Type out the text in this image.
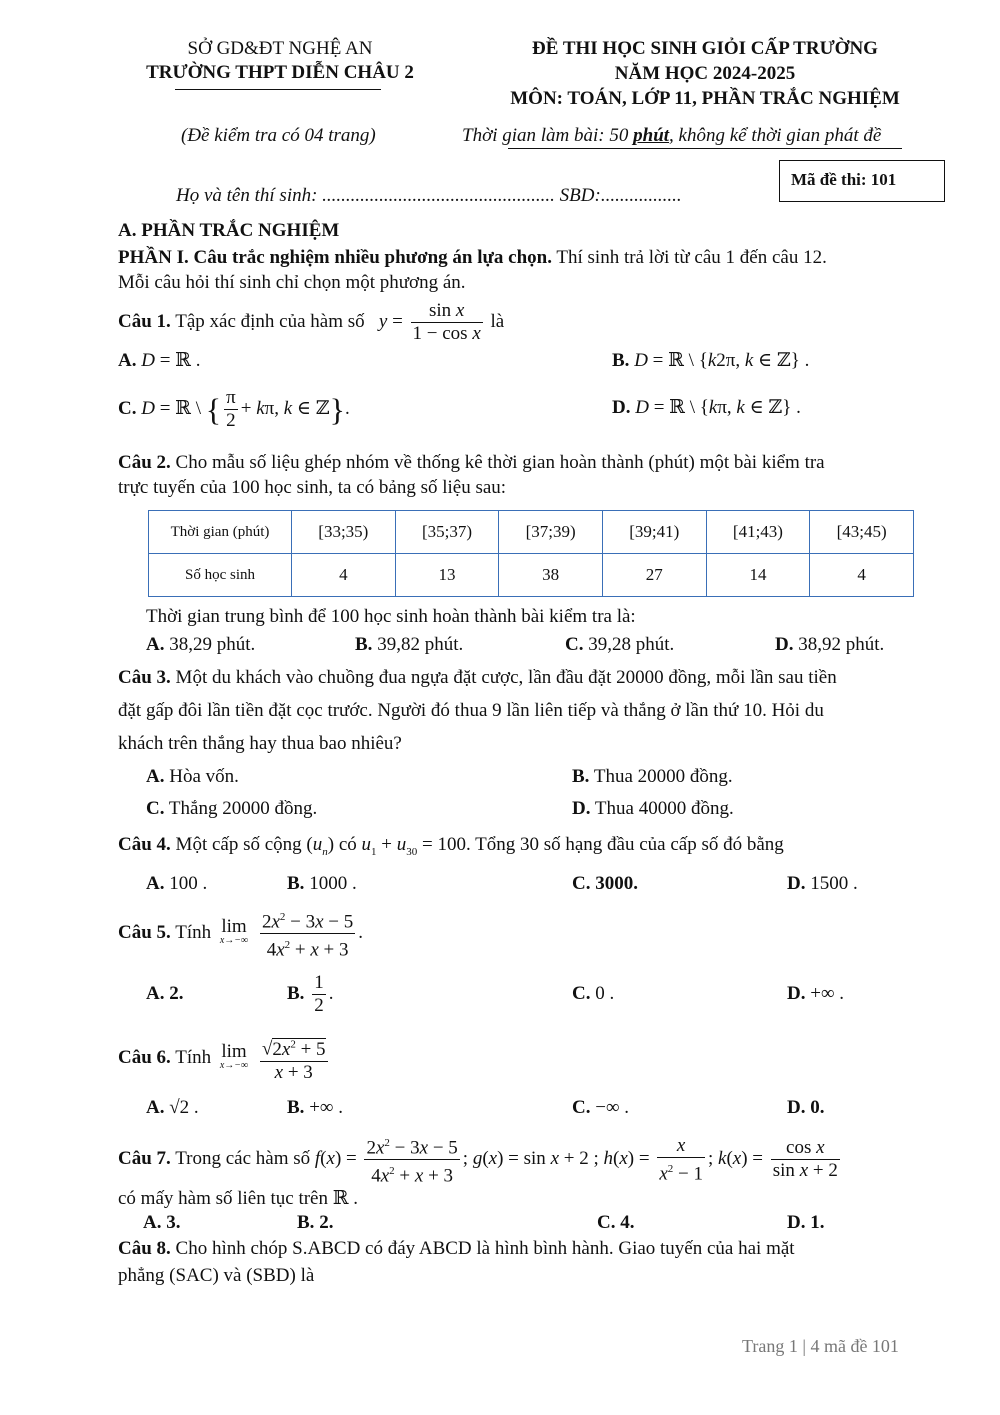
SỞ GD&ĐT NGHỆ AN
TRƯỜNG THPT DIỄN CHÂU 2
ĐỀ THI HỌC SINH GIỎI CẤP TRƯỜNG
NĂM HỌC 2024-2025
MÔN: TOÁN, LỚP 11, PHẦN TRẮC NGHIỆM
(Đề kiểm tra có 04 trang)	Thời gian làm bài: 50 phút, không kể thời gian phát đề
Họ và tên thí sinh: ................................................. SBD:.................
Mã đề thi: 101
A. PHẦN TRẮC NGHIỆM
PHẦN I. Câu trắc nghiệm nhiều phương án lựa chọn. Thí sinh trả lời từ câu 1 đến câu 12.
Mỗi câu hỏi thí sinh chỉ chọn một phương án.
Câu 1. Tập xác định của hàm số   $y = \frac{\text{sin x}}{\text{1 − cos x}}$ là
A. D = ℝ .	B. D = ℝ \ {k2π, k ∈ ℤ} .
C. D = ℝ \ { $\frac{\pi}{2} + k\pi$, k ∈ ℤ}.	D. D = ℝ \ {kπ, k ∈ ℤ} .
Câu 2. Cho mẫu số liệu ghép nhóm về thống kê thời gian hoàn thành (phút) một bài kiểm tra
trực tuyến của 100 học sinh, ta có bảng số liệu sau:
Thời gian (phút)	[33;35)	[35;37)	[37;39)	[39;41)	[41;43)	[43;45)
Số học sinh	4	13	38	27	14	4
Thời gian trung bình để 100 học sinh hoàn thành bài kiểm tra là:
A. 38,29 phút.	B. 39,82 phút.	C. 39,28 phút.	D. 38,92 phút.
Câu 3. Một du khách vào chuồng đua ngựa đặt cược, lần đầu đặt 20000 đồng, mỗi lần sau tiền
đặt gấp đôi lần tiền đặt cọc trước. Người đó thua 9 lần liên tiếp và thắng ở lần thứ 10. Hỏi du
khách trên thắng hay thua bao nhiêu?
A. Hòa vốn.	B. Thua 20000 đồng.
C. Thắng 20000 đồng.	D. Thua 40000 đồng.
Câu 4. Một cấp số cộng $(u_n)$ có $u_1 + u_{30} = 100$. Tổng 30 số hạng đầu của cấp số đó bằng
A. 100 .	B. 1000 .	C. 3000.	D. 1500 .
Câu 5. Tính lim
x→−∞
$\frac{2x^2 - 3x - 5}{4x^2 + x + 3}$ .
A. 2.	B. $\frac{1}{2}$ .	C. 0 .	D. +∞ .
Câu 6. Tính lim
x→−∞
$\frac{√2x^2 + 5}{x + 3}$
A. √2 .	B. +∞ .	C. −∞ .	D. 0.
Câu 7. Trong các hàm số $f(x) = \frac{2x^2 - 3x - 5}{4x^2 + x + 3}$ ; g(x) = sin x + 2 ; $h(x) = \frac{x}{x^2 - 1}$ ; $k(x) = \frac{\text{cos x}}{\text{sin x + 2}}$
có mấy hàm số liên tục trên ℝ .
A. 3.	B. 2.	C. 4.	D. 1.
Câu 8. Cho hình chóp S.ABCD có đáy ABCD là hình bình hành. Giao tuyến của hai mặt
phẳng (SAC) và (SBD) là
Trang 1 | 4 mã đề 101
